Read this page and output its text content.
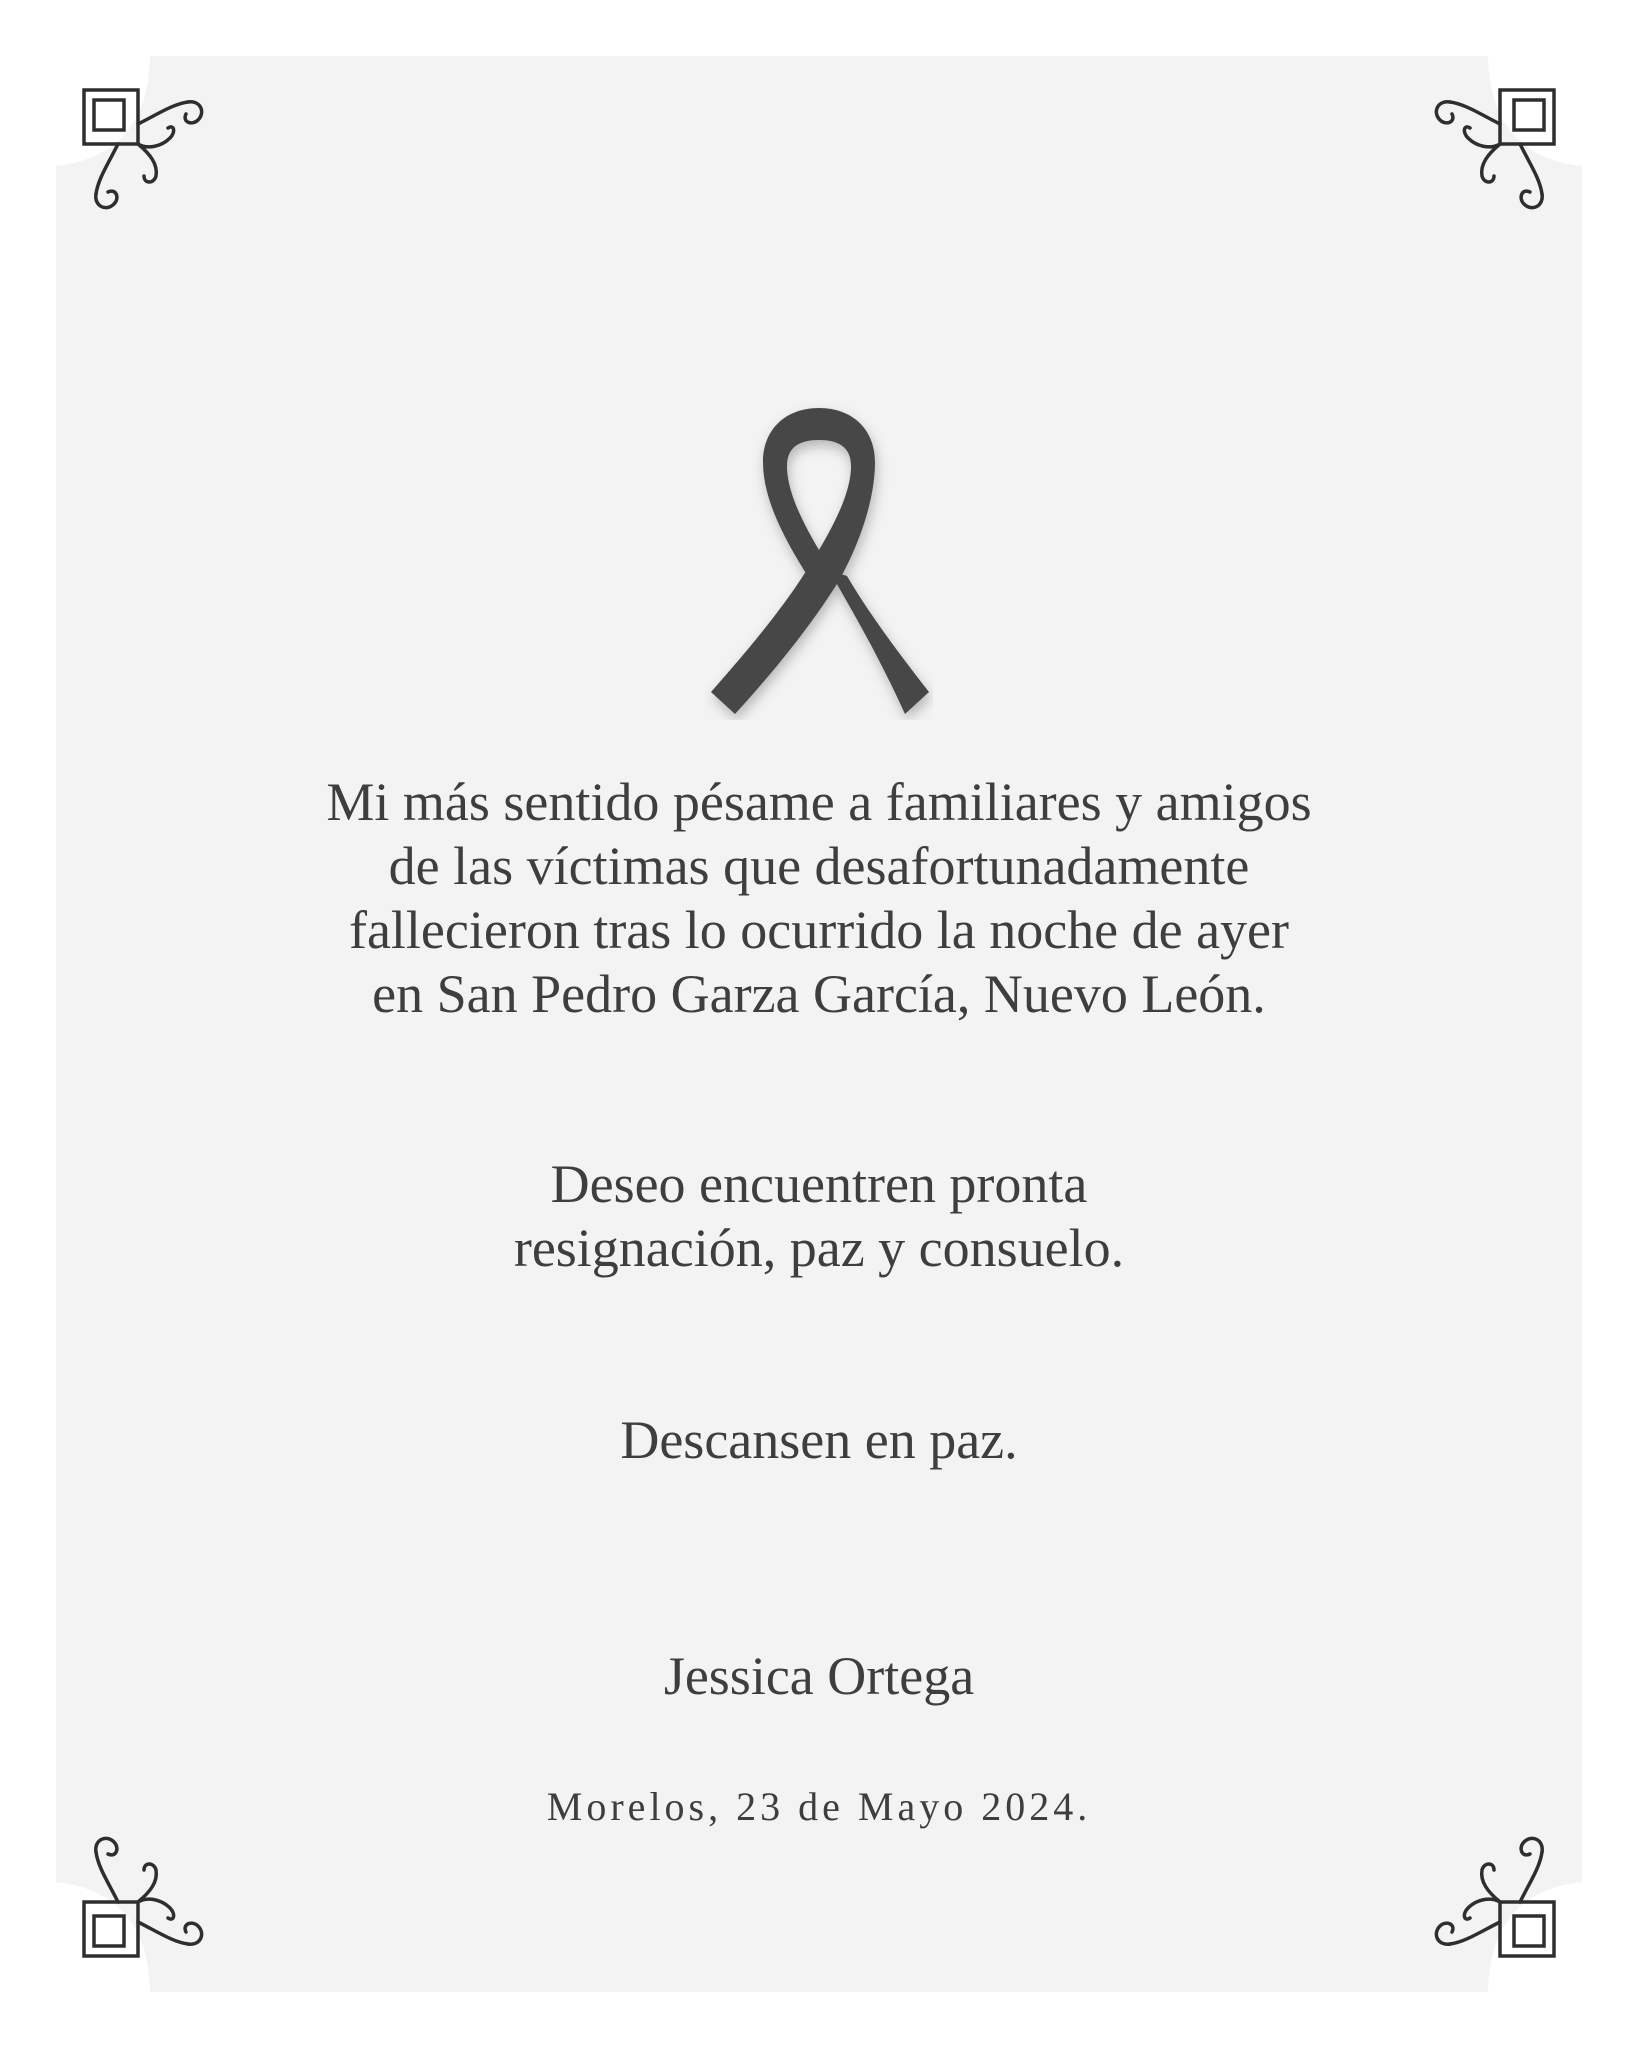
Mi más sentido pésame a familiares y amigos
de las víctimas que desafortunadamente
fallecieron tras lo ocurrido la noche de ayer
en San Pedro Garza García, Nuevo León.
Deseo encuentren pronta
resignación, paz y consuelo.
Descansen en paz.
Jessica Ortega
Morelos, 23 de Mayo 2024.
